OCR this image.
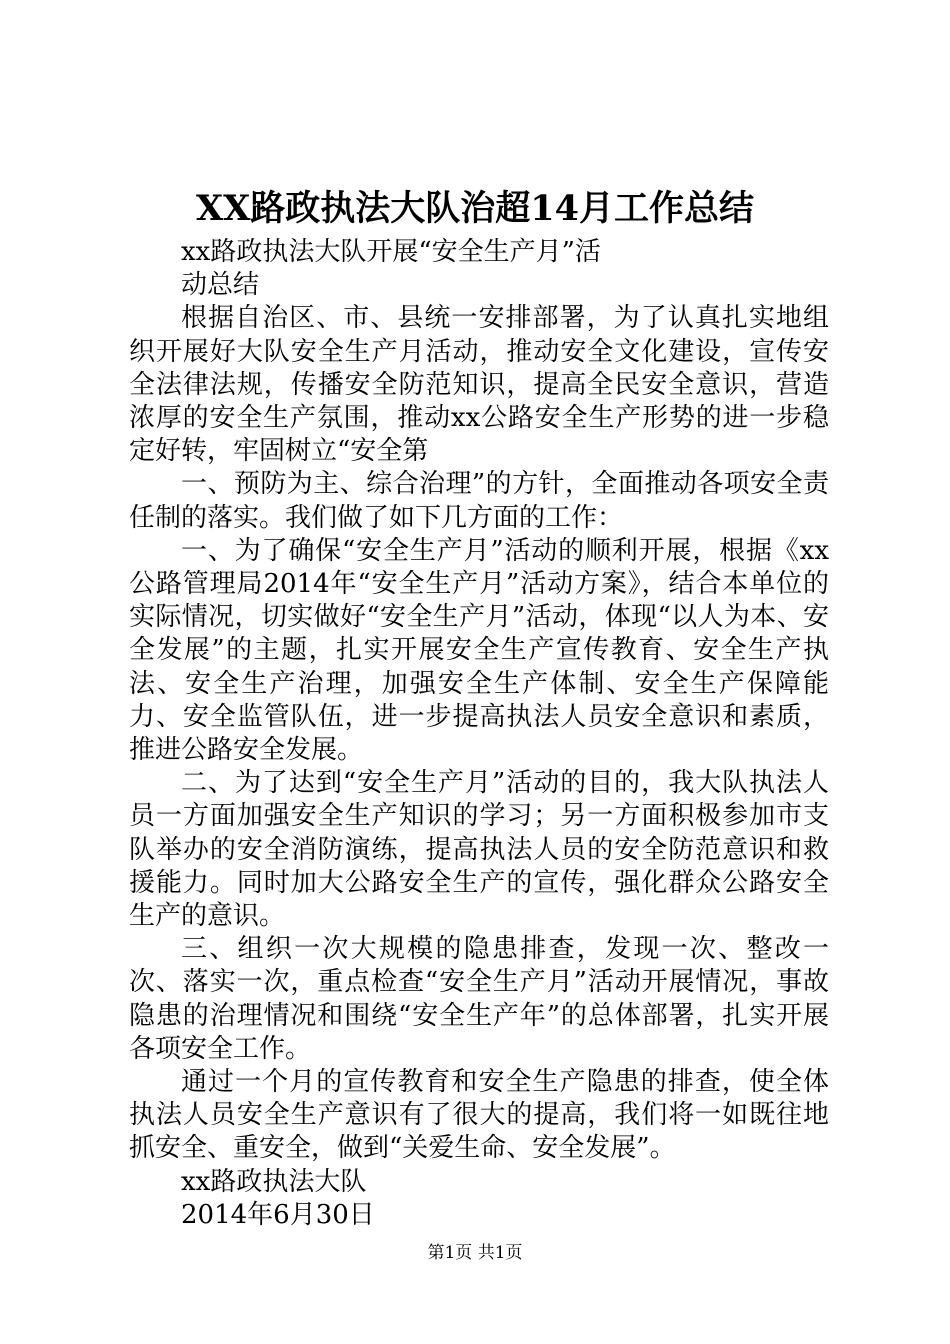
XX路政执法大队治超14月工作总结

xx路政执法大队开展“安全生产月”活

动总结

根据自治区、市、县统一安排部署，为了认真扎实地组织开展好大队安全生产月活动，推动安全文化建设，宣传安全法律法规，传播安全防范知识，提高全民安全意识，营造浓厚的安全生产氛围，推动xx公路安全生产形势的进一步稳定好转，牢固树立“安全第

一、预防为主、综合治理”的方针，全面推动各项安全责任制的落实。我们做了如下几方面的工作：

一、为了确保“安全生产月”活动的顺利开展，根据《xx公路管理局2014年“安全生产月”活动方案》，结合本单位的实际情况，切实做好“安全生产月”活动，体现“以人为本、安全发展”的主题，扎实开展安全生产宣传教育、安全生产执法、安全生产治理，加强安全生产体制、安全生产保障能力、安全监管队伍，进一步提高执法人员安全意识和素质，推进公路安全发展。

二、为了达到“安全生产月”活动的目的，我大队执法人员一方面加强安全生产知识的学习；另一方面积极参加市支队举办的安全消防演练，提高执法人员的安全防范意识和救援能力。同时加大公路安全生产的宣传，强化群众公路安全生产的意识。

三、组织一次大规模的隐患排查，发现一次、整改一次、落实一次，重点检查“安全生产月”活动开展情况，事故隐患的治理情况和围绕“安全生产年”的总体部署，扎实开展各项安全工作。

通过一个月的宣传教育和安全生产隐患的排查，使全体执法人员安全生产意识有了很大的提高，我们将一如既往地抓安全、重安全，做到“关爱生命、安全发展”。

xx路政执法大队

2014年6月30日

第1页 共1页
